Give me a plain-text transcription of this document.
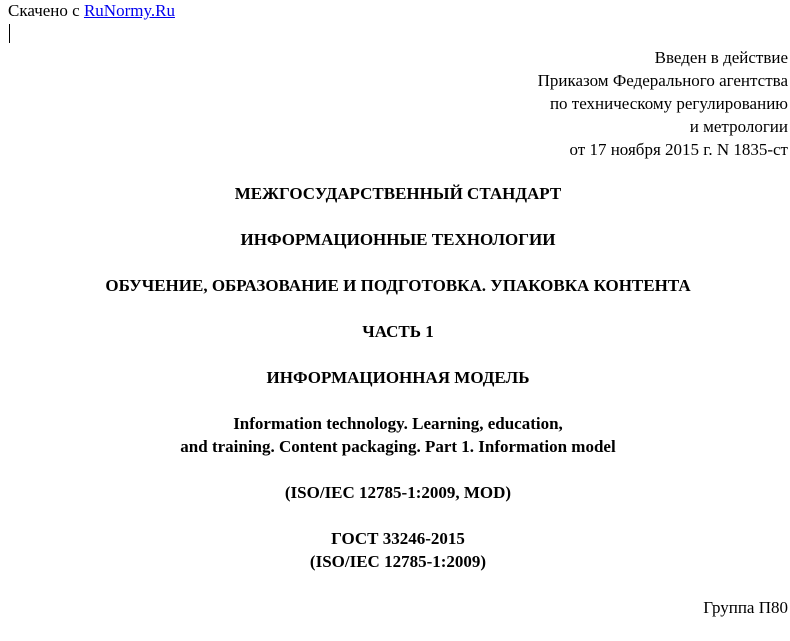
Скачено с RuNormy.Ru
Введен в действие
Приказом Федерального агентства
по техническому регулированию
и метрологии
от 17 ноября 2015 г. N 1835-ст
МЕЖГОСУДАРСТВЕННЫЙ СТАНДАРТ
ИНФОРМАЦИОННЫЕ ТЕХНОЛОГИИ
ОБУЧЕНИЕ, ОБРАЗОВАНИЕ И ПОДГОТОВКА. УПАКОВКА КОНТЕНТА
ЧАСТЬ 1
ИНФОРМАЦИОННАЯ МОДЕЛЬ
Information technology. Learning, education,
and training. Content packaging. Part 1. Information model
(ISO/IEC 12785-1:2009, MOD)
ГОСТ 33246-2015
(ISO/IEC 12785-1:2009)
Группа П80
